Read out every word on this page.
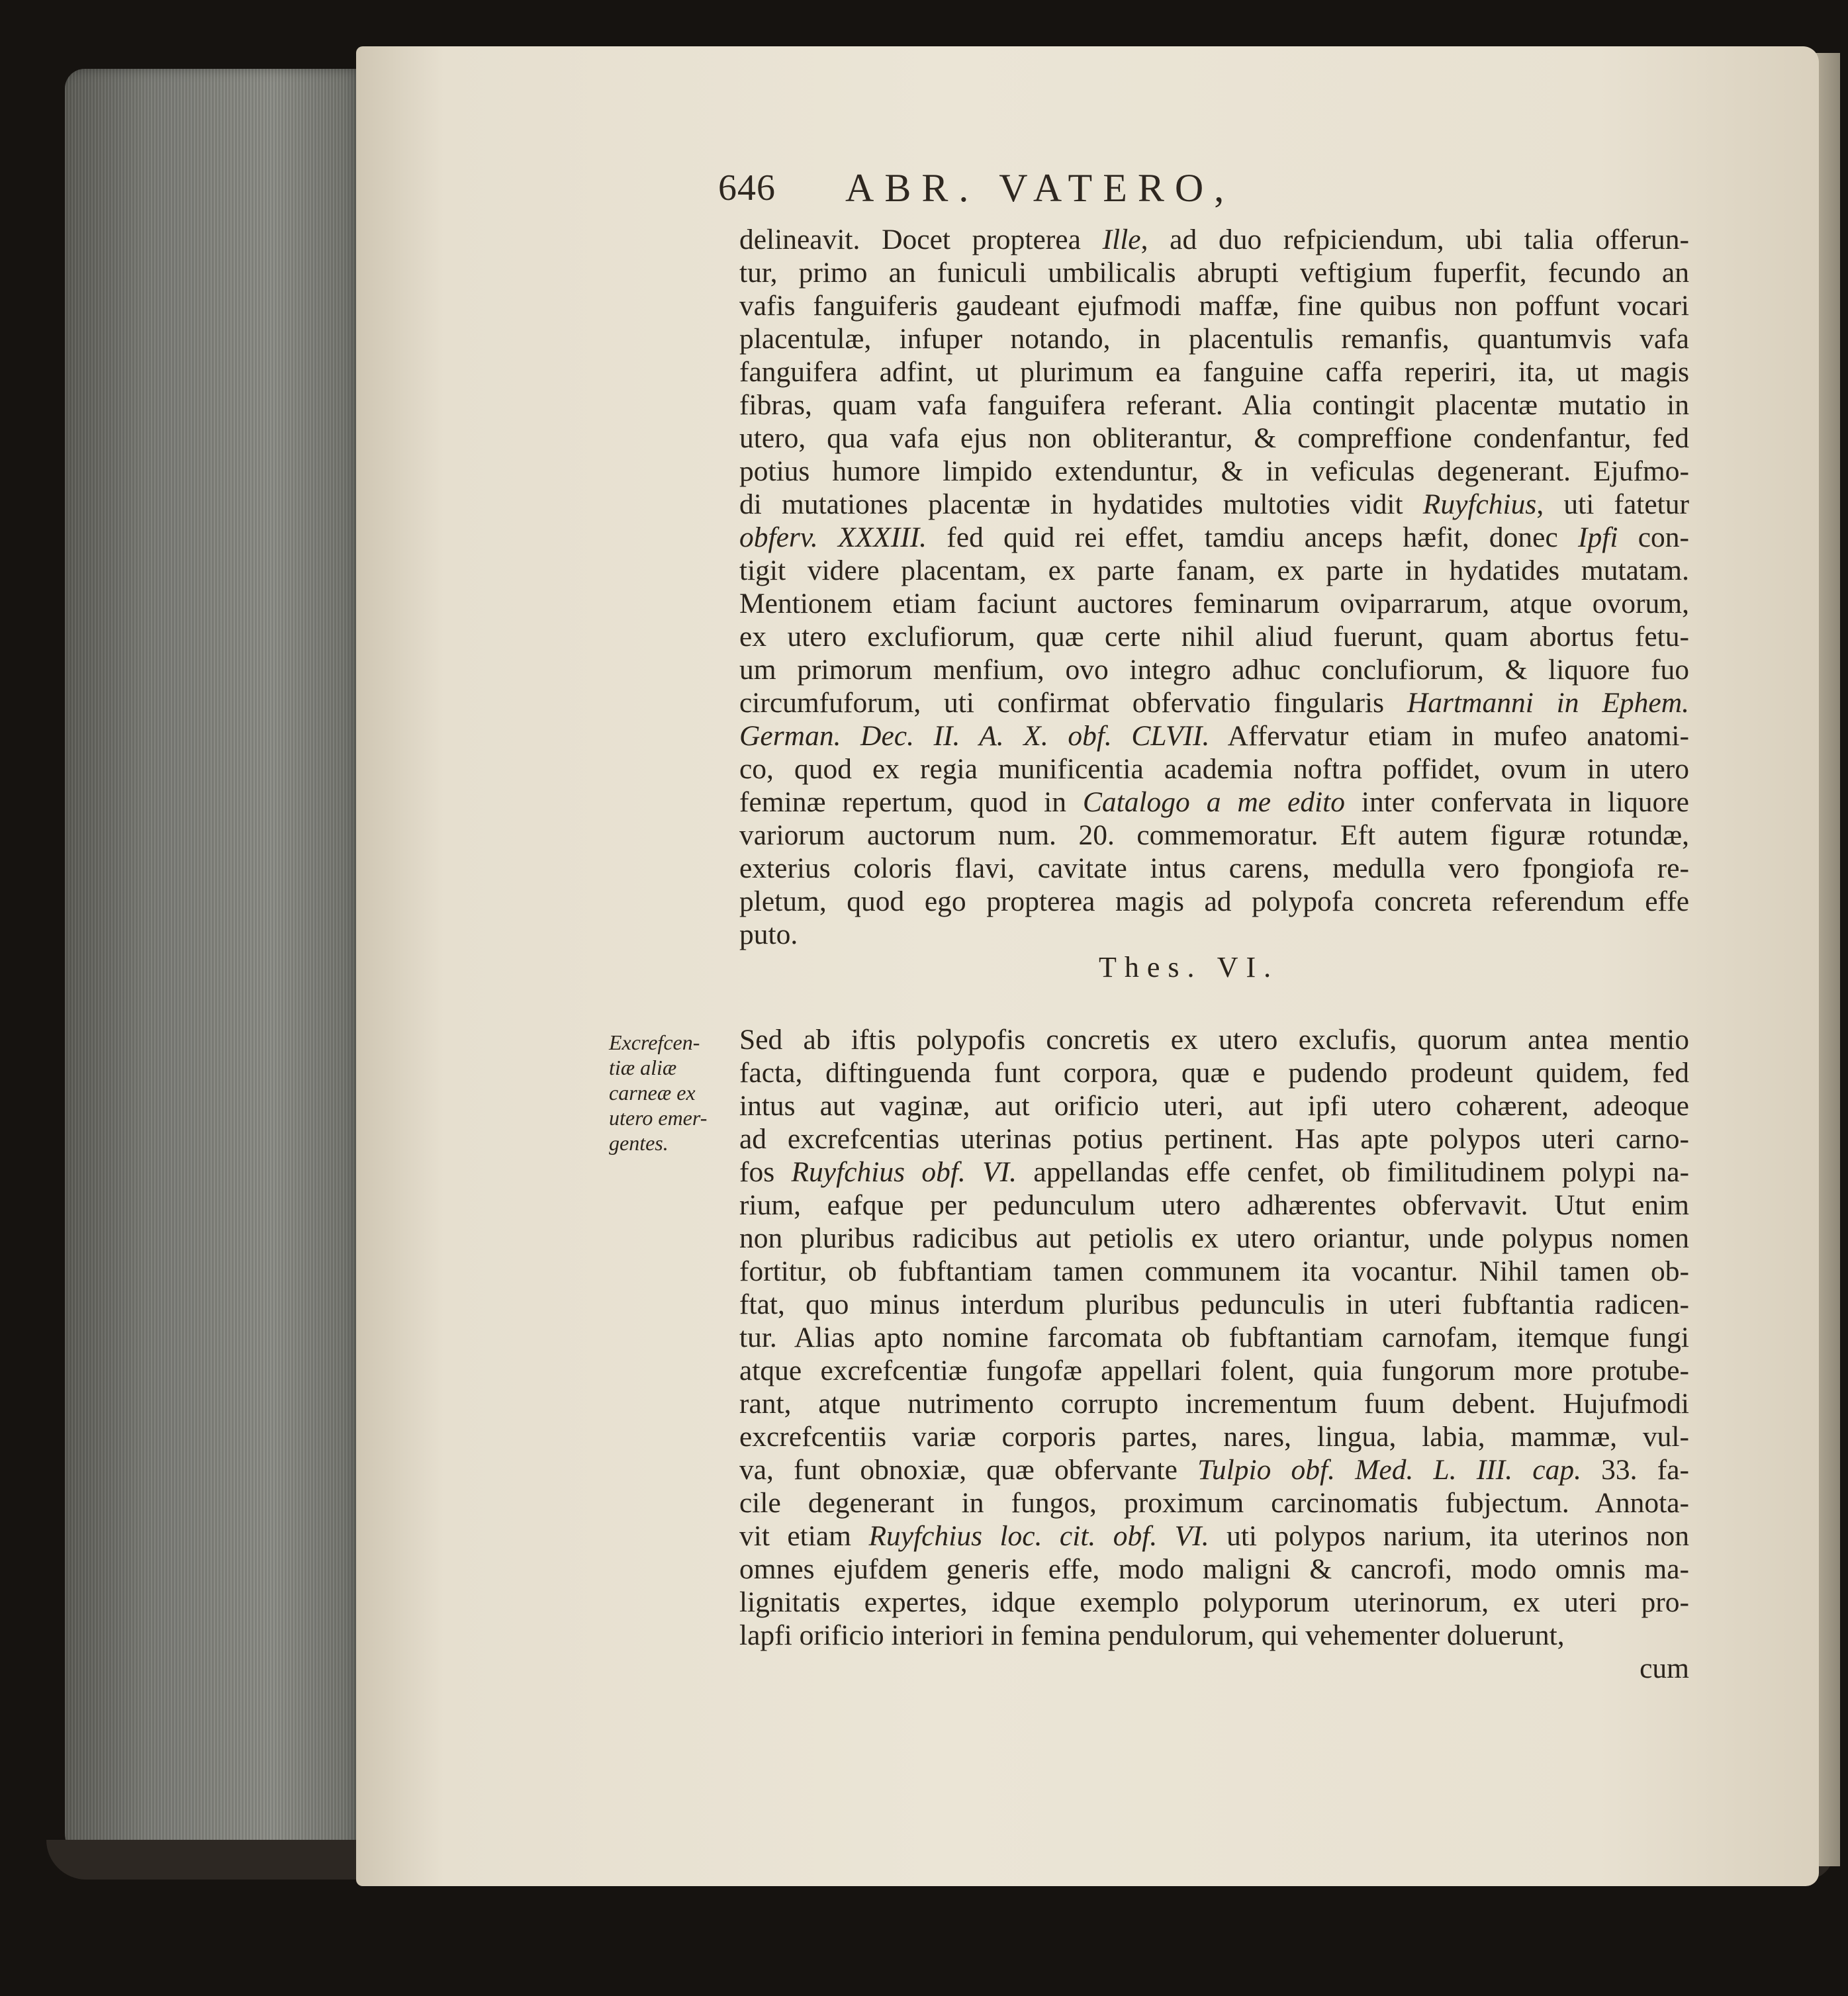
646 ABR. VATERO,
delineavit. Docet propterea Ille, ad duo refpiciendum, ubi talia offerun-
tur, primo an funiculi umbilicalis abrupti veftigium fuperfit, fecundo an
vafis fanguiferis gaudeant ejufmodi maffæ, fine quibus non poffunt vocari
placentulæ, infuper notando, in placentulis remanfis, quantumvis vafa
fanguifera adfint, ut plurimum ea fanguine caffa reperiri, ita, ut magis
fibras, quam vafa fanguifera referant. Alia contingit placentæ mutatio in
utero, qua vafa ejus non obliterantur, & compreffione condenfantur, fed
potius humore limpido extenduntur, & in veficulas degenerant. Ejufmo-
di mutationes placentæ in hydatides multoties vidit Ruyfchius, uti fatetur
obferv. XXXIII. fed quid rei effet, tamdiu anceps hæfit, donec Ipfi con-
tigit videre placentam, ex parte fanam, ex parte in hydatides mutatam.
Mentionem etiam faciunt auctores feminarum oviparrarum, atque ovorum,
ex utero exclufiorum, quæ certe nihil aliud fuerunt, quam abortus fetu-
um primorum menfium, ovo integro adhuc conclufiorum, & liquore fuo
circumfuforum, uti confirmat obfervatio fingularis Hartmanni in Ephem.
German. Dec. II. A. X. obf. CLVII. Affervatur etiam in mufeo anatomi-
co, quod ex regia munificentia academia noftra poffidet, ovum in utero
feminæ repertum, quod in Catalogo a me edito inter confervata in liquore
variorum auctorum num. 20. commemoratur. Eft autem figuræ rotundæ,
exterius coloris flavi, cavitate intus carens, medulla vero fpongiofa re-
pletum, quod ego propterea magis ad polypofa concreta referendum effe
puto.
Thes. VI.
Excrefcen-
tiæ aliæ
carneæ ex
utero emer-
gentes.
Sed ab iftis polypofis concretis ex utero exclufis, quorum antea mentio
facta, diftinguenda funt corpora, quæ e pudendo prodeunt quidem, fed
intus aut vaginæ, aut orificio uteri, aut ipfi utero cohærent, adeoque
ad excrefcentias uterinas potius pertinent. Has apte polypos uteri carno-
fos Ruyfchius obf. VI. appellandas effe cenfet, ob fimilitudinem polypi na-
rium, eafque per pedunculum utero adhærentes obfervavit. Utut enim
non pluribus radicibus aut petiolis ex utero oriantur, unde polypus nomen
fortitur, ob fubftantiam tamen communem ita vocantur. Nihil tamen ob-
ftat, quo minus interdum pluribus pedunculis in uteri fubftantia radicen-
tur. Alias apto nomine farcomata ob fubftantiam carnofam, itemque fungi
atque excrefcentiæ fungofæ appellari folent, quia fungorum more protube-
rant, atque nutrimento corrupto incrementum fuum debent. Hujufmodi
excrefcentiis variæ corporis partes, nares, lingua, labia, mammæ, vul-
va, funt obnoxiæ, quæ obfervante Tulpio obf. Med. L. III. cap. 33. fa-
cile degenerant in fungos, proximum carcinomatis fubjectum. Annota-
vit etiam Ruyfchius loc. cit. obf. VI. uti polypos narium, ita uterinos non
omnes ejufdem generis effe, modo maligni & cancrofi, modo omnis ma-
lignitatis expertes, idque exemplo polyporum uterinorum, ex uteri pro-
lapfi orificio interiori in femina pendulorum, qui vehementer doluerunt,
cum
